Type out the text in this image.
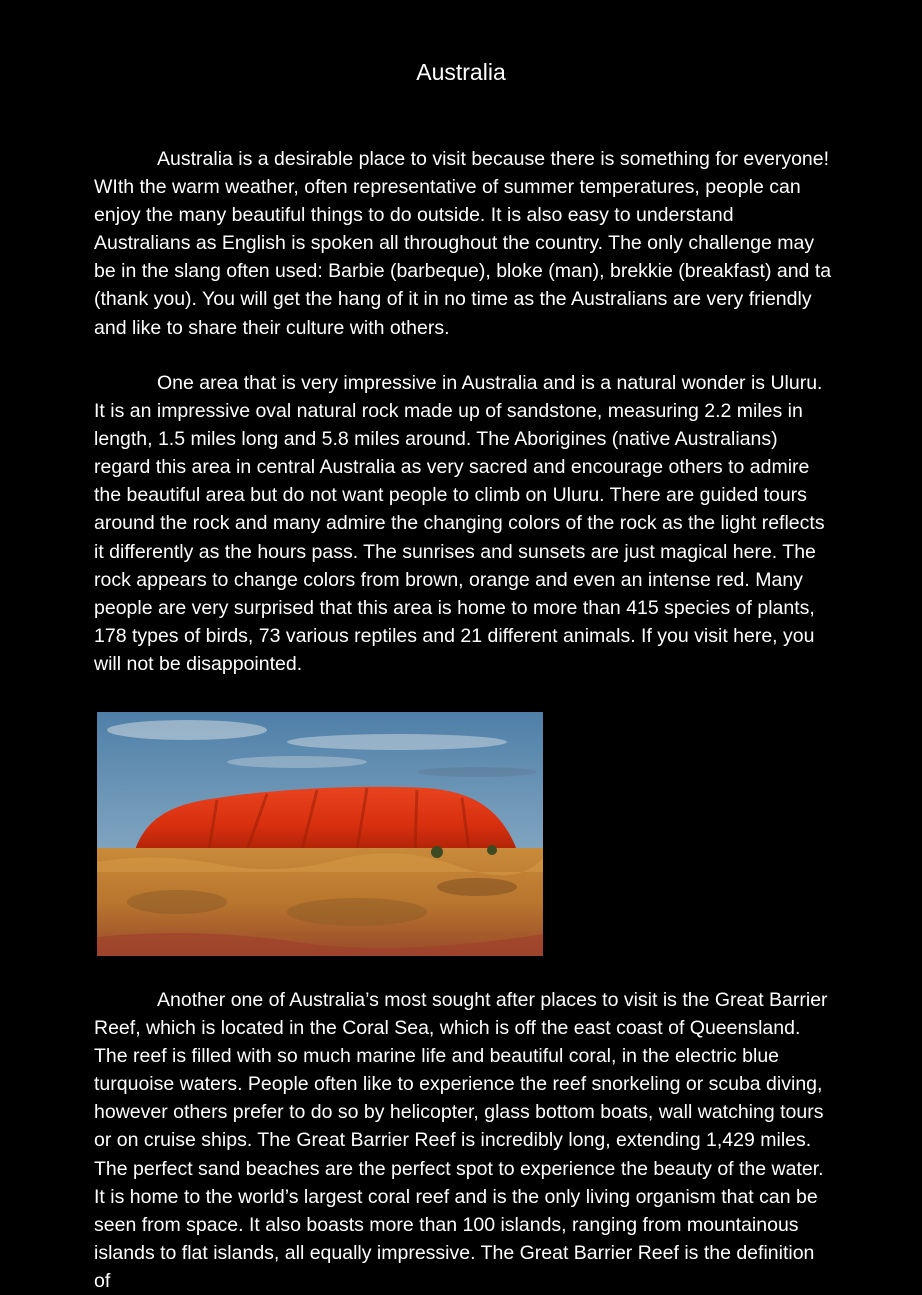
Australia

Australia is a desirable place to visit because there is something for everyone! WIth the warm weather, often representative of summer temperatures, people can enjoy the many beautiful things to do outside. It is also easy to understand Australians as English is spoken all throughout the country. The only challenge may be in the slang often used: Barbie (barbeque), bloke (man), brekkie (breakfast) and ta (thank you). You will get the hang of it in no time as the Australians are very friendly and like to share their culture with others.

One area that is very impressive in Australia and is a natural wonder is Uluru. It is an impressive oval natural rock made up of sandstone, measuring 2.2 miles in length, 1.5 miles long and 5.8 miles around. The Aborigines (native Australians) regard this area in central Australia as very sacred and encourage others to admire the beautiful area but do not want people to climb on Uluru. There are guided tours around the rock and many admire the changing colors of the rock as the light reflects it differently as the hours pass. The sunrises and sunsets are just magical here. The rock appears to change colors from brown, orange and even an intense red. Many people are very surprised that this area is home to more than 415 species of plants, 178 types of birds, 73 various reptiles and 21 different animals. If you visit here, you will not be disappointed.

Another one of Australia’s most sought after places to visit is the Great Barrier Reef, which is located in the Coral Sea, which is off the east coast of Queensland. The reef is filled with so much marine life and beautiful coral, in the electric blue turquoise waters. People often like to experience the reef snorkeling or scuba diving, however others prefer to do so by helicopter, glass bottom boats, wall watching tours or on cruise ships. The Great Barrier Reef is incredibly long, extending 1,429 miles. The perfect sand beaches are the perfect spot to experience the beauty of the water. It is home to the world’s largest coral reef and is the only living organism that can be seen from space. It also boasts more than 100 islands, ranging from mountainous islands to flat islands, all equally impressive. The Great Barrier Reef is the definition of
